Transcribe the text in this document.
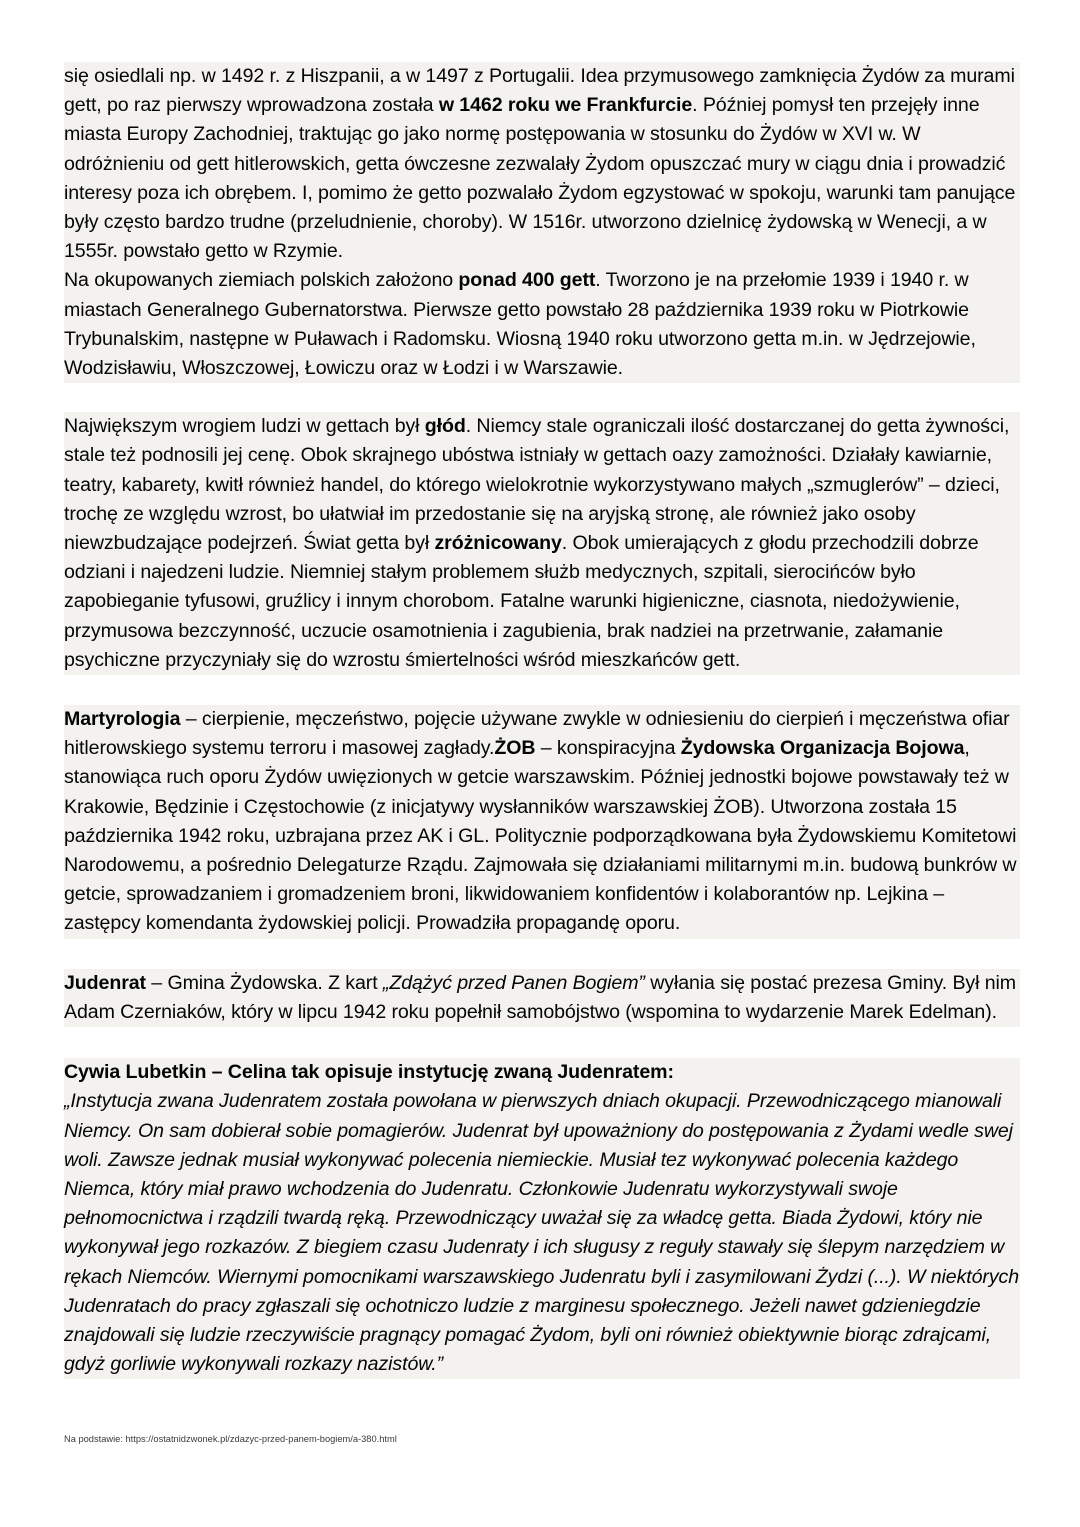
się osiedlali np. w 1492 r. z Hiszpanii, a w 1497 z Portugalii. Idea przymusowego zamknięcia Żydów za murami gett, po raz pierwszy wprowadzona została w 1462 roku we Frankfurcie. Później pomysł ten przejęły inne miasta Europy Zachodniej, traktując go jako normę postępowania w stosunku do Żydów w XVI w. W odróżnieniu od gett hitlerowskich, getta ówczesne zezwalały Żydom opuszczać mury w ciągu dnia i prowadzić interesy poza ich obrębem. I, pomimo że getto pozwalało Żydom egzystować w spokoju, warunki tam panujące były często bardzo trudne (przeludnienie, choroby). W 1516r. utworzono dzielnicę żydowską w Wenecji, a w 1555r. powstało getto w Rzymie.

Na okupowanych ziemiach polskich założono ponad 400 gett. Tworzono je na przełomie 1939 i 1940 r. w miastach Generalnego Gubernatorstwa. Pierwsze getto powstało 28 października 1939 roku w Piotrkowie Trybunalskim, następne w Puławach i Radomsku. Wiosną 1940 roku utworzono getta m.in. w Jędrzejowie, Wodzisławiu, Włoszczowej, Łowiczu oraz w Łodzi i w Warszawie.

Największym wrogiem ludzi w gettach był głód. Niemcy stale ograniczali ilość dostarczanej do getta żywności, stale też podnosili jej cenę. Obok skrajnego ubóstwa istniały w gettach oazy zamożności. Działały kawiarnie, teatry, kabarety, kwitł również handel, do którego wielokrotnie wykorzystywano małych „szmuglerów” – dzieci, trochę ze względu wzrost, bo ułatwiał im przedostanie się na aryjską stronę, ale również jako osoby niewzbudzające podejrzeń. Świat getta był zróżnicowany. Obok umierających z głodu przechodzili dobrze odziani i najedzeni ludzie. Niemniej stałym problemem służb medycznych, szpitali, sierocińców było zapobieganie tyfusowi, gruźlicy i innym chorobom. Fatalne warunki higieniczne, ciasnota, niedożywienie, przymusowa bezczynność, uczucie osamotnienia i zagubienia, brak nadziei na przetrwanie, załamanie psychiczne przyczyniały się do wzrostu śmiertelności wśród mieszkańców gett.

Martyrologia – cierpienie, męczeństwo, pojęcie używane zwykle w odniesieniu do cierpień i męczeństwa ofiar hitlerowskiego systemu terroru i masowej zagłady.ŻOB – konspiracyjna Żydowska Organizacja Bojowa, stanowiąca ruch oporu Żydów uwięzionych w getcie warszawskim. Później jednostki bojowe powstawały też w Krakowie, Będzinie i Częstochowie (z inicjatywy wysłanników warszawskiej ŻOB). Utworzona została 15 października 1942 roku, uzbrajana przez AK i GL. Politycznie podporządkowana była Żydowskiemu Komitetowi Narodowemu, a pośrednio Delegaturze Rządu. Zajmowała się działaniami militarnymi m.in. budową bunkrów w getcie, sprowadzaniem i gromadzeniem broni, likwidowaniem konfidentów i kolaborantów np. Lejkina – zastępcy komendanta żydowskiej policji. Prowadziła propagandę oporu.

Judenrat – Gmina Żydowska. Z kart „Zdążyć przed Panen Bogiem” wyłania się postać prezesa Gminy. Był nim Adam Czerniaków, który w lipcu 1942 roku popełnił samobójstwo (wspomina to wydarzenie Marek Edelman).

Cywia Lubetkin – Celina tak opisuje instytucję zwaną Judenratem:

„Instytucja zwana Judenratem została powołana w pierwszych dniach okupacji. Przewodniczącego mianowali Niemcy. On sam dobierał sobie pomagierów. Judenrat był upoważniony do postępowania z Żydami wedle swej woli. Zawsze jednak musiał wykonywać polecenia niemieckie. Musiał tez wykonywać polecenia każdego Niemca, który miał prawo wchodzenia do Judenratu. Członkowie Judenratu wykorzystywali swoje pełnomocnictwa i rządzili twardą ręką. Przewodniczący uważał się za władcę getta. Biada Żydowi, który nie wykonywał jego rozkazów. Z biegiem czasu Judenraty i ich sługusy z reguły stawały się ślepym narzędziem w rękach Niemców. Wiernymi pomocnikami warszawskiego Judenratu byli i zasymilowani Żydzi (...). W niektórych Judenratach do pracy zgłaszali się ochotniczo ludzie z marginesu społecznego. Jeżeli nawet gdzieniegdzie znajdowali się ludzie rzeczywiście pragnący pomagać Żydom, byli oni również obiektywnie biorąc zdrajcami, gdyż gorliwie wykonywali rozkazy nazistów.”

Na podstawie: https://ostatnidzwonek.pl/zdazyc-przed-panem-bogiem/a-380.html
